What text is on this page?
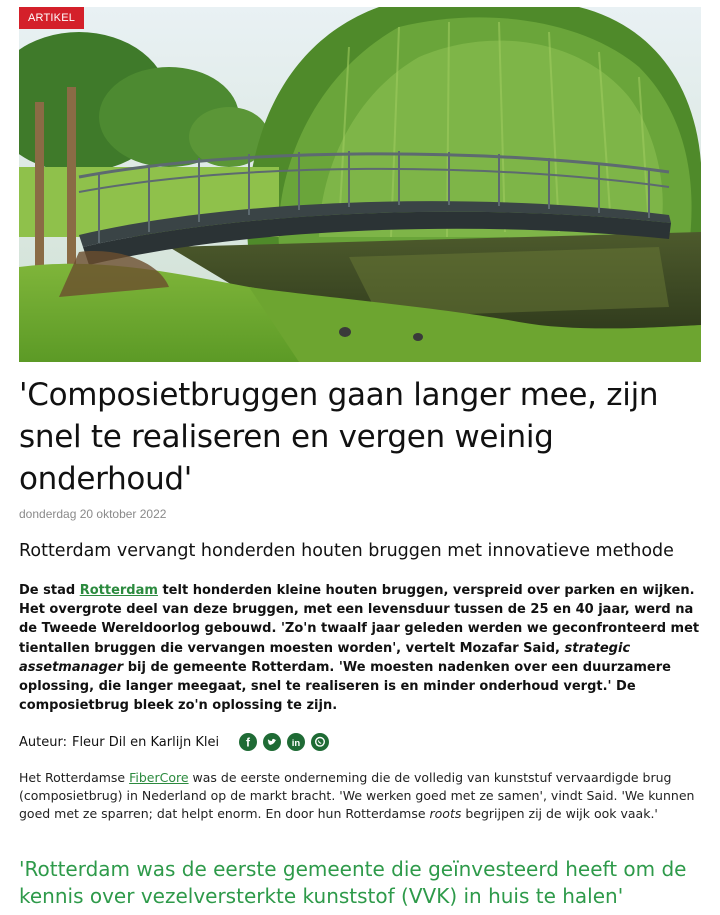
ARTIKEL
'Composietbruggen gaan langer mee, zijn snel te realiseren en vergen weinig onderhoud'
donderdag 20 oktober 2022
Rotterdam vervangt honderden houten bruggen met innovatieve methode

De stad Rotterdam telt honderden kleine houten bruggen, verspreid over parken en wijken. Het overgrote deel van deze bruggen, met een levensduur tussen de 25 en 40 jaar, werd na de Tweede Wereldoorlog gebouwd. 'Zo'n twaalf jaar geleden werden we geconfronteerd met tientallen bruggen die vervangen moesten worden', vertelt Mozafar Said, strategic assetmanager bij de gemeente Rotterdam. 'We moesten nadenken over een duurzamere oplossing, die langer meegaat, snel te realiseren is en minder onderhoud vergt.' De composietbrug bleek zo'n oplossing te zijn.

Auteur: Fleur Dil en Karlijn Klei f	in

Het Rotterdamse FiberCore was de eerste onderneming die de volledig van kunststuf vervaardigde brug (composietbrug) in Nederland op de markt bracht. 'We werken goed met ze samen', vindt Said. 'We kunnen goed met ze sparren; dat helpt enorm. En door hun Rotterdamse roots begrijpen zij de wijk ook vaak.'

'Rotterdam was de eerste gemeente die geïnvesteerd heeft om de kennis over vezelversterkte kunststof (VVK) in huis te halen'
